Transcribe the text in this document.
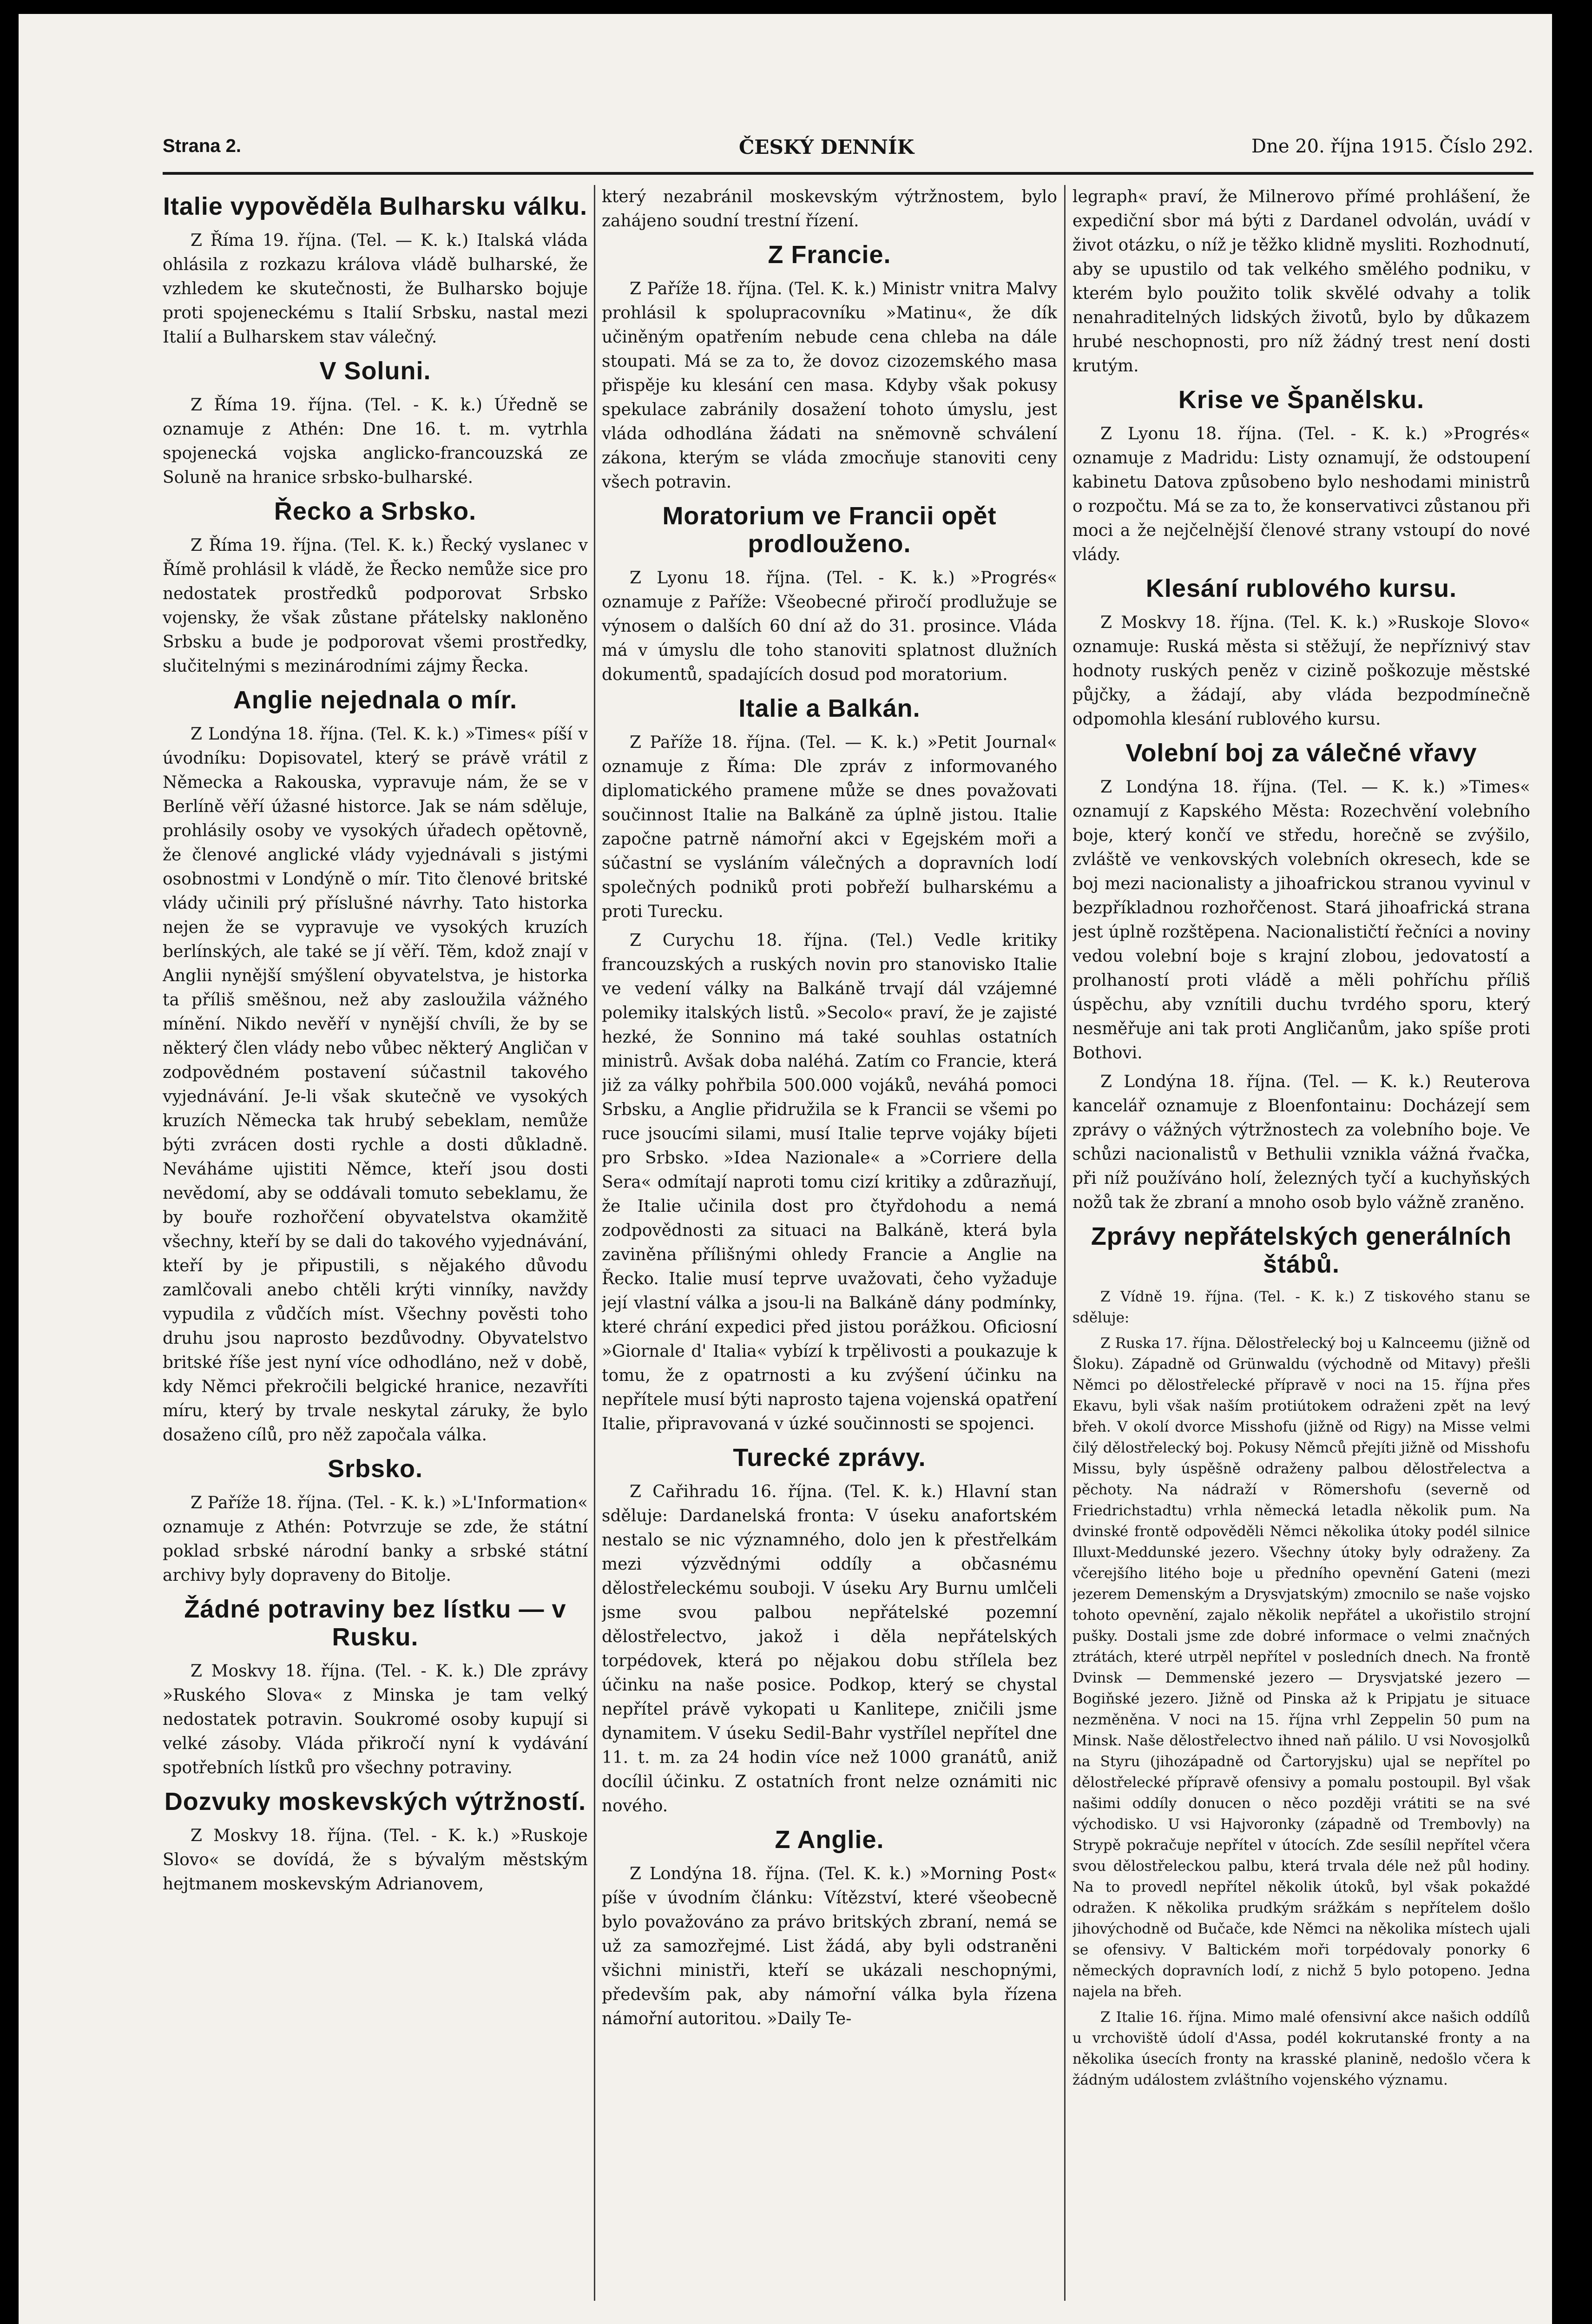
Strana 2.	ČESKÝ DENNÍK	Dne 20. října 1915. Číslo 292.
Italie vypověděla Bulharsku válku.

Z Říma 19. října. (Tel. — K. k.) Italská vláda ohlásila z rozkazu králova vládě bulharské, že vzhledem ke skutečnosti, že Bulharsko bojuje proti spojeneckému s Italií Srbsku, nastal mezi Italií a Bulharskem stav válečný.

V Soluni.

Z Říma 19. října. (Tel. - K. k.) Úředně se oznamuje z Athén: Dne 16. t. m. vytrhla spojenecká vojska anglicko-francouzská ze Soluně na hranice srbsko-bulharské.

Řecko a Srbsko.

Z Říma 19. října. (Tel. K. k.) Řecký vyslanec v Římě prohlásil k vládě, že Řecko nemůže sice pro nedostatek prostředků podporovat Srbsko vojensky, že však zůstane přátelsky nakloněno Srbsku a bude je podporovat všemi prostředky, slučitelnými s mezinárodními zájmy Řecka.

Anglie nejednala o mír.

Z Londýna 18. října. (Tel. K. k.) »Times« píší v úvodníku: Dopisovatel, který se právě vrátil z Německa a Rakouska, vypravuje nám, že se v Berlíně věří úžasné historce. Jak se nám sděluje, prohlásily osoby ve vysokých úřadech opětovně, že členové anglické vlády vyjednávali s jistými osobnostmi v Londýně o mír. Tito členové britské vlády učinili prý příslušné návrhy. Tato historka nejen že se vypravuje ve vysokých kruzích berlínských, ale také se jí věří. Těm, kdož znají v Anglii nynější smýšlení obyvatelstva, je historka ta příliš směšnou, než aby zasloužila vážného mínění. Nikdo nevěří v nynější chvíli, že by se některý člen vlády nebo vůbec některý Angličan v zodpovědném postavení súčastnil takového vyjednávání. Je-li však skutečně ve vysokých kruzích Německa tak hrubý sebeklam, nemůže býti zvrácen dosti rychle a dosti důkladně. Neváháme ujistiti Němce, kteří jsou dosti nevědomí, aby se oddávali tomuto sebeklamu, že by bouře rozhořčení obyvatelstva okamžitě všechny, kteří by se dali do takového vyjednávání, kteří by je připustili, s nějakého důvodu zamlčovali anebo chtěli krýti vinníky, navždy vypudila z vůdčích míst. Všechny pověsti toho druhu jsou naprosto bezdůvodny. Obyvatelstvo britské říše jest nyní více odhodláno, než v době, kdy Němci překročili belgické hranice, nezavříti míru, který by trvale neskytal záruky, že bylo dosaženo cílů, pro něž započala válka.

Srbsko.

Z Paříže 18. října. (Tel. - K. k.) »L'Information« oznamuje z Athén: Potvrzuje se zde, že státní poklad srbské národní banky a srbské státní archivy byly dopraveny do Bitolje.

Žádné potraviny bez lístku — v Rusku.

Z Moskvy 18. října. (Tel. - K. k.) Dle zprávy »Ruského Slova« z Minska je tam velký nedostatek potravin. Soukromé osoby kupují si velké zásoby. Vláda přikročí nyní k vydávání spotřebních lístků pro všechny potraviny.

Dozvuky moskevských výtržností.

Z Moskvy 18. října. (Tel. - K. k.) »Ruskoje Slovo« se dovídá, že s bývalým městským hejtmanem moskevským Adrianovem,

který nezabránil moskevským výtržnostem, bylo zahájeno soudní trestní řízení.

Z Francie.

Z Paříže 18. října. (Tel. K. k.) Ministr vnitra Malvy prohlásil k spolupracovníku »Matinu«, že dík učiněným opatřením nebude cena chleba na dále stoupati. Má se za to, že dovoz cizozemského masa přispěje ku klesání cen masa. Kdyby však pokusy spekulace zabránily dosažení tohoto úmyslu, jest vláda odhodlána žádati na sněmovně schválení zákona, kterým se vláda zmocňuje stanoviti ceny všech potravin.

Moratorium ve Francii opět prodlouženo.

Z Lyonu 18. října. (Tel. - K. k.) »Progrés« oznamuje z Paříže: Všeobecné přiročí prodlužuje se výnosem o dalších 60 dní až do 31. prosince. Vláda má v úmyslu dle toho stanoviti splatnost dlužních dokumentů, spadajících dosud pod moratorium.

Italie a Balkán.

Z Paříže 18. října. (Tel. — K. k.) »Petit Journal« oznamuje z Říma: Dle zpráv z informovaného diplomatického pramene může se dnes považovati součinnost Italie na Balkáně za úplně jistou. Italie započne patrně námořní akci v Egejském moři a súčastní se vysláním válečných a dopravních lodí společných podniků proti pobřeží bulharskému a proti Turecku.

Z Curychu 18. října. (Tel.) Vedle kritiky francouzských a ruských novin pro stanovisko Italie ve vedení války na Balkáně trvají dál vzájemné polemiky italských listů. »Secolo« praví, že je zajisté hezké, že Sonnino má také souhlas ostatních ministrů. Avšak doba naléhá. Zatím co Francie, která již za války pohřbila 500.000 vojáků, neváhá pomoci Srbsku, a Anglie přidružila se k Francii se všemi po ruce jsoucími silami, musí Italie teprve vojáky bíjeti pro Srbsko. »Idea Nazionale« a »Corriere della Sera« odmítají naproti tomu cizí kritiky a zdůrazňují, že Italie učinila dost pro čtyřdohodu a nemá zodpovědnosti za situaci na Balkáně, která byla zaviněna přílišnými ohledy Francie a Anglie na Řecko. Italie musí teprve uvažovati, čeho vyžaduje její vlastní válka a jsou-li na Balkáně dány podmínky, které chrání expedici před jistou porážkou. Oficiosní »Giornale d' Italia« vybízí k trpělivosti a poukazuje k tomu, že z opatrnosti a ku zvýšení účinku na nepřítele musí býti naprosto tajena vojenská opatření Italie, připravovaná v úzké součinnosti se spojenci.

Turecké zprávy.

Z Cařihradu 16. října. (Tel. K. k.) Hlavní stan sděluje: Dardanelská fronta: V úseku anafortském nestalo se nic významného, dolo jen k přestřelkám mezi výzvědnými oddíly a občasnému dělostřeleckému souboji. V úseku Ary Burnu umlčeli jsme svou palbou nepřátelské pozemní dělostřelectvo, jakož i děla nepřátelských torpédovek, která po nějakou dobu střílela bez účinku na naše posice. Podkop, který se chystal nepřítel právě vykopati u Kanlitepe, zničili jsme dynamitem. V úseku Sedil-Bahr vystřílel nepřítel dne 11. t. m. za 24 hodin více než 1000 granátů, aniž docílil účinku. Z ostatních front nelze oznámiti nic nového.

Z Anglie.

Z Londýna 18. října. (Tel. K. k.) »Morning Post« píše v úvodním článku: Vítězství, které všeobecně bylo považováno za právo britských zbraní, nemá se už za samozřejmé. List žádá, aby byli odstraněni všichni ministři, kteří se ukázali neschopnými, především pak, aby námořní válka byla řízena námořní autoritou. »Daily Te-

legraph« praví, že Milnerovo přímé prohlášení, že expediční sbor má býti z Dardanel odvolán, uvádí v život otázku, o níž je těžko klidně mysliti. Rozhodnutí, aby se upustilo od tak velkého smělého podniku, v kterém bylo použito tolik skvělé odvahy a tolik nenahraditelných lidských životů, bylo by důkazem hrubé neschopnosti, pro níž žádný trest není dosti krutým.

Krise ve Španělsku.

Z Lyonu 18. října. (Tel. - K. k.) »Progrés« oznamuje z Madridu: Listy oznamují, že odstoupení kabinetu Datova způsobeno bylo neshodami ministrů o rozpočtu. Má se za to, že konservativci zůstanou při moci a že nejčelnější členové strany vstoupí do nové vlády.

Klesání rublového kursu.

Z Moskvy 18. října. (Tel. K. k.) »Ruskoje Slovo« oznamuje: Ruská města si stěžují, že nepříznivý stav hodnoty ruských peněz v cizině poškozuje městské půjčky, a žádají, aby vláda bezpodmínečně odpomohla klesání rublového kursu.

Volební boj za válečné vřavy

Z Londýna 18. října. (Tel. — K. k.) »Times« oznamují z Kapského Města: Rozechvění volebního boje, který končí ve středu, horečně se zvýšilo, zvláště ve venkovských volebních okresech, kde se boj mezi nacionalisty a jihoafrickou stranou vyvinul v bezpříkladnou rozhořčenost. Stará jihoafrická strana jest úplně rozštěpena. Nacionalističtí řečníci a noviny vedou volební boje s krajní zlobou, jedovatostí a prolhaností proti vládě a měli pohříchu příliš úspěchu, aby vznítili duchu tvrdého sporu, který nesměřuje ani tak proti Angličanům, jako spíše proti Bothovi.

Z Londýna 18. října. (Tel. — K. k.) Reuterova kancelář oznamuje z Bloenfontainu: Docházejí sem zprávy o vážných výtržnostech za volebního boje. Ve schůzi nacionalistů v Bethulii vznikla vážná řvačka, při níž používáno holí, železných tyčí a kuchyňských nožů tak že zbraní a mnoho osob bylo vážně zraněno.

Zprávy nepřátelských generálních štábů.

Z Vídně 19. října. (Tel. - K. k.) Z tiskového stanu se sděluje:

Z Ruska 17. října. Dělostřelecký boj u Kalnceemu (jižně od Šloku). Západně od Grünwaldu (východně od Mitavy) přešli Němci po dělostřelecké přípravě v noci na 15. října přes Ekavu, byli však naším protiútokem odraženi zpět na levý břeh. V okolí dvorce Misshofu (jižně od Rigy) na Misse velmi čilý dělostřelecký boj. Pokusy Němců přejíti jižně od Misshofu Missu, byly úspěšně odraženy palbou dělostřelectva a pěchoty. Na nádraží v Römershofu (severně od Friedrichstadtu) vrhla německá letadla několik pum. Na dvinské frontě odpověděli Němci několika útoky podél silnice Illuxt-Meddunské jezero. Všechny útoky byly odraženy. Za včerejšího litého boje u předního opevnění Gateni (mezi jezerem Demenským a Drysvjatským) zmocnilo se naše vojsko tohoto opevnění, zajalo několik nepřátel a ukořistilo strojní pušky. Dostali jsme zde dobré informace o velmi značných ztrátách, které utrpěl nepřítel v posledních dnech. Na frontě Dvinsk — Demmenské jezero — Drysvjatské jezero — Bogiňské jezero. Jižně od Pinska až k Pripjatu je situace nezměněna. V noci na 15. října vrhl Zeppelin 50 pum na Minsk. Naše dělostřelectvo ihned naň pálilo. U vsi Novosjolků na Styru (jihozápadně od Čartoryjsku) ujal se nepřítel po dělostřelecké přípravě ofensivy a pomalu postoupil. Byl však našimi oddíly donucen o něco později vrátiti se na své východisko. U vsi Hajvoronky (západně od Trembovly) na Strypě pokračuje nepřítel v útocích. Zde sesílil nepřítel včera svou dělostřeleckou palbu, která trvala déle než půl hodiny. Na to provedl nepřítel několik útoků, byl však pokaždé odražen. K několika prudkým srážkám s nepřítelem došlo jihovýchodně od Bučače, kde Němci na několika místech ujali se ofensivy. V Baltickém moři torpédovaly ponorky 6 německých dopravních lodí, z nichž 5 bylo potopeno. Jedna najela na břeh.

Z Italie 16. října. Mimo malé ofensivní akce našich oddílů u vrchoviště údolí d'Assa, podél kokrutanské fronty a na několika úsecích fronty na krasské planině, nedošlo včera k žádným událostem zvláštního vojenského významu.
